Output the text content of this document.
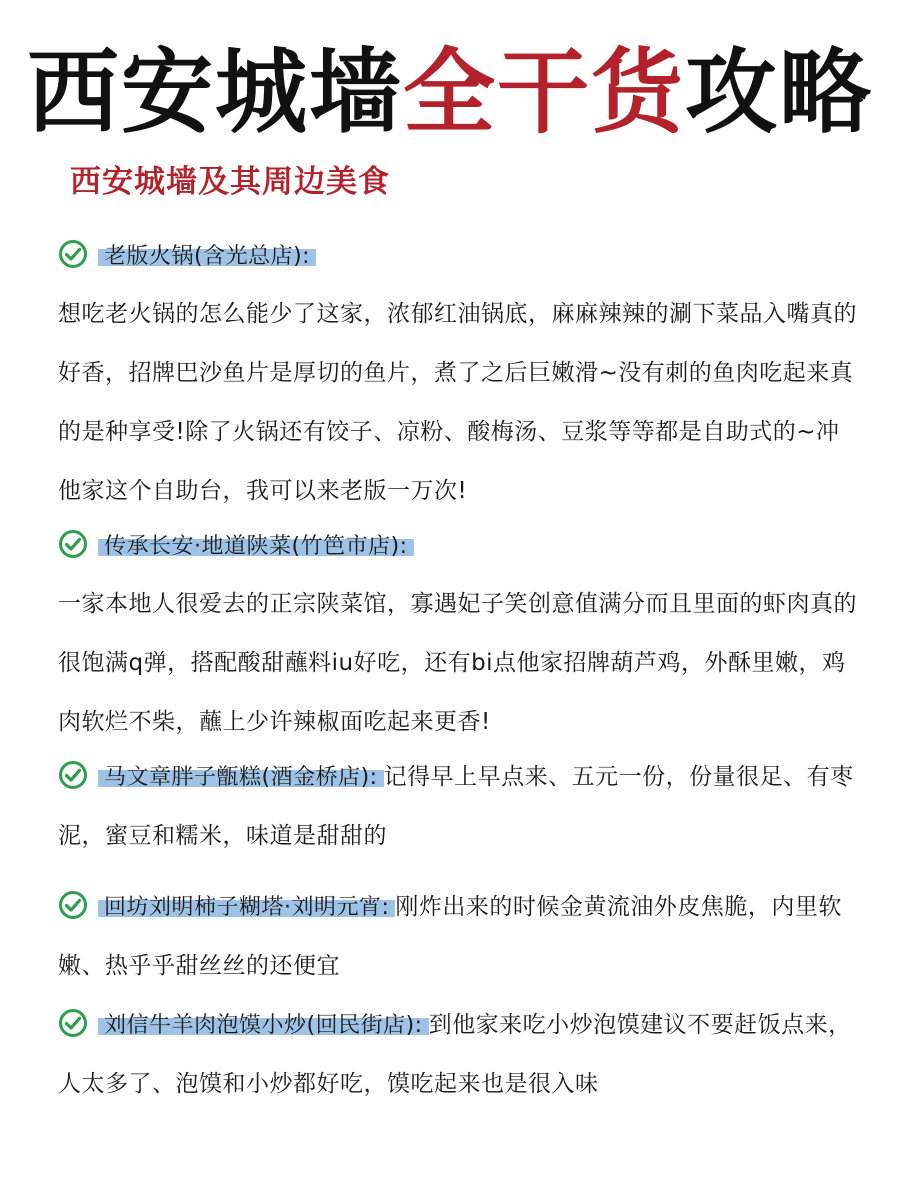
西安城墙全干货攻略
西安城墙及其周边美食
老版火锅(含光总店):
想吃老火锅的怎么能少了这家，浓郁红油锅底，麻麻辣辣的涮下菜品入嘴真的好香，招牌巴沙鱼片是厚切的鱼片，煮了之后巨嫩滑~没有刺的鱼肉吃起来真的是种享受!除了火锅还有饺子、凉粉、酸梅汤、豆浆等等都是自助式的~冲他家这个自助台，我可以来老版一万次!
传承长安·地道陕菜(竹笆市店):
一家本地人很爱去的正宗陕菜馆，寡遇妃子笑创意值满分而且里面的虾肉真的很饱满q弹，搭配酸甜蘸料iu好吃，还有bi点他家招牌葫芦鸡，外酥里嫩，鸡肉软烂不柴，蘸上少许辣椒面吃起来更香!
马文章胖子甑糕(酒金桥店): 记得早上早点来、五元一份，份量很足、有枣泥，蜜豆和糯米，味道是甜甜的
回坊刘明柿子糊塔·刘明元宵: 刚炸出来的时候金黄流油外皮焦脆，内里软嫩、热乎乎甜丝丝的还便宜
刘信牛羊肉泡馍小炒(回民街店): 到他家来吃小炒泡馍建议不要赶饭点来，人太多了、泡馍和小炒都好吃，馍吃起来也是很入味
